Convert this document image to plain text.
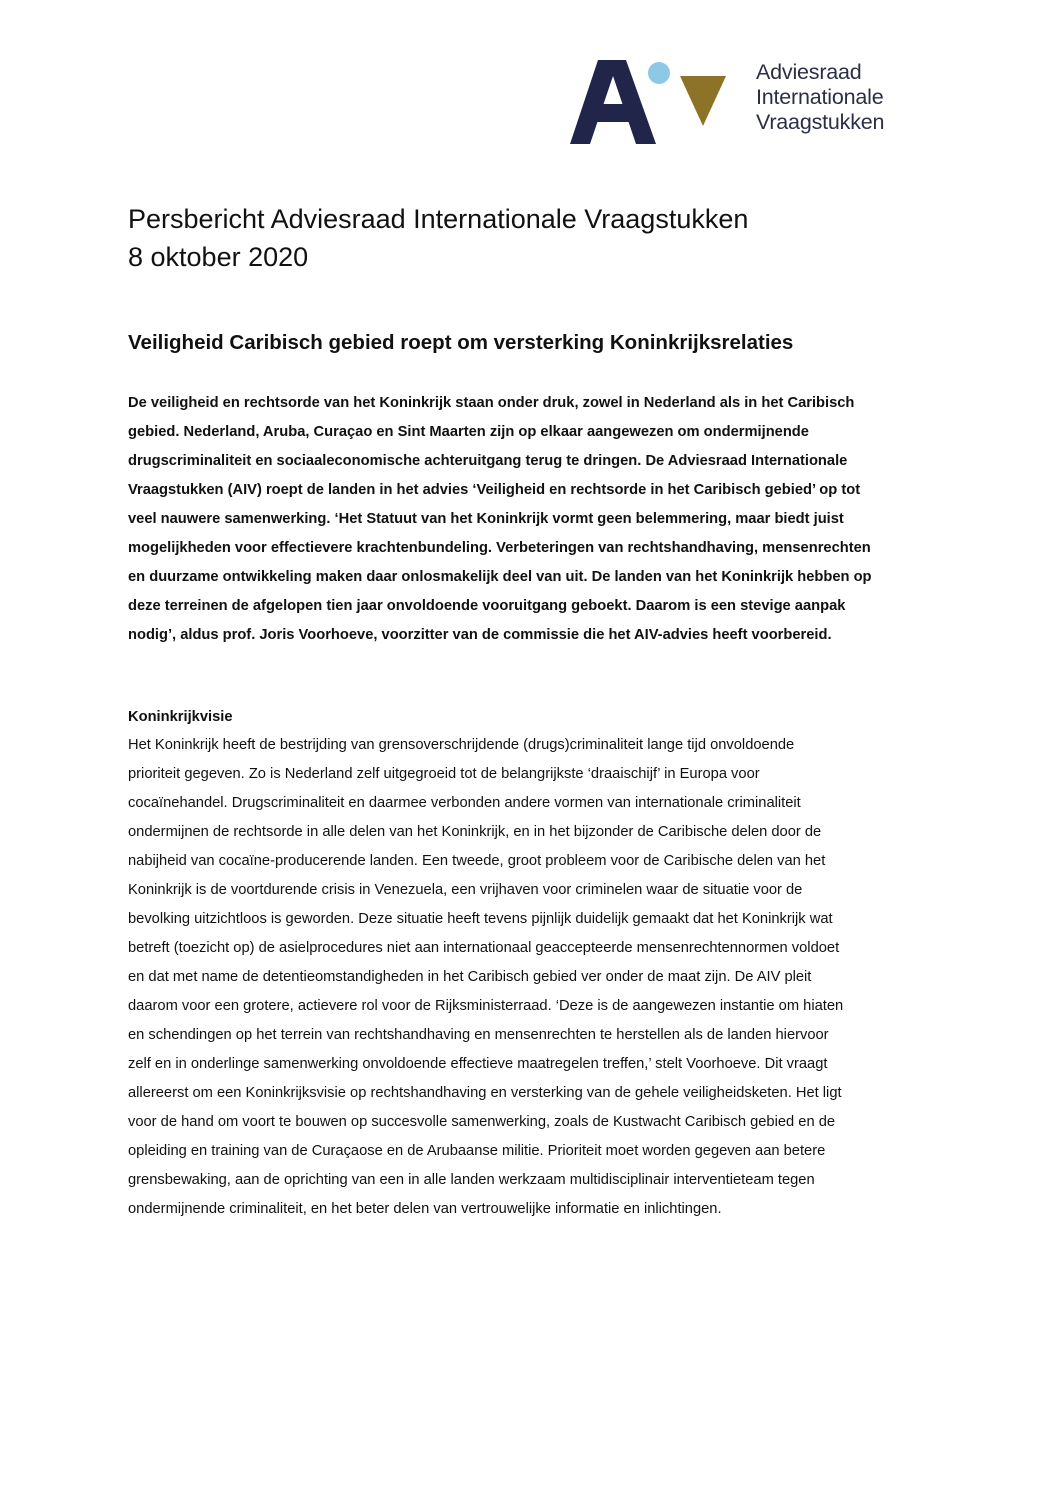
Adviesraad
Internationale
Vraagstukken
Persbericht Adviesraad Internationale Vraagstukken
8 oktober 2020
Veiligheid Caribisch gebied roept om versterking Koninkrijksrelaties
De veiligheid en rechtsorde van het Koninkrijk staan onder druk, zowel in Nederland als in het Caribisch
gebied. Nederland, Aruba, Curaçao en Sint Maarten zijn op elkaar aangewezen om ondermijnende
drugscriminaliteit en sociaaleconomische achteruitgang terug te dringen. De Adviesraad Internationale
Vraagstukken (AIV) roept de landen in het advies ‘Veiligheid en rechtsorde in het Caribisch gebied’ op tot
veel nauwere samenwerking. ‘Het Statuut van het Koninkrijk vormt geen belemmering, maar biedt juist
mogelijkheden voor effectievere krachtenbundeling. Verbeteringen van rechtshandhaving, mensenrechten
en duurzame ontwikkeling maken daar onlosmakelijk deel van uit. De landen van het Koninkrijk hebben op
deze terreinen de afgelopen tien jaar onvoldoende vooruitgang geboekt. Daarom is een stevige aanpak
nodig’, aldus prof. Joris Voorhoeve, voorzitter van de commissie die het AIV-advies heeft voorbereid.
Koninkrijkvisie
Het Koninkrijk heeft de bestrijding van grensoverschrijdende (drugs)criminaliteit lange tijd onvoldoende
prioriteit gegeven. Zo is Nederland zelf uitgegroeid tot de belangrijkste ‘draaischijf’ in Europa voor
cocaïnehandel. Drugscriminaliteit en daarmee verbonden andere vormen van internationale criminaliteit
ondermijnen de rechtsorde in alle delen van het Koninkrijk, en in het bijzonder de Caribische delen door de
nabijheid van cocaïne-producerende landen. Een tweede, groot probleem voor de Caribische delen van het
Koninkrijk is de voortdurende crisis in Venezuela, een vrijhaven voor criminelen waar de situatie voor de
bevolking uitzichtloos is geworden. Deze situatie heeft tevens pijnlijk duidelijk gemaakt dat het Koninkrijk wat
betreft (toezicht op) de asielprocedures niet aan internationaal geaccepteerde mensenrechtennormen voldoet
en dat met name de detentieomstandigheden in het Caribisch gebied ver onder de maat zijn. De AIV pleit
daarom voor een grotere, actievere rol voor de Rijksministerraad. ‘Deze is de aangewezen instantie om hiaten
en schendingen op het terrein van rechtshandhaving en mensenrechten te herstellen als de landen hiervoor
zelf en in onderlinge samenwerking onvoldoende effectieve maatregelen treffen,’ stelt Voorhoeve. Dit vraagt
allereerst om een Koninkrijksvisie op rechtshandhaving en versterking van de gehele veiligheidsketen. Het ligt
voor de hand om voort te bouwen op succesvolle samenwerking, zoals de Kustwacht Caribisch gebied en de
opleiding en training van de Curaçaose en de Arubaanse militie. Prioriteit moet worden gegeven aan betere
grensbewaking, aan de oprichting van een in alle landen werkzaam multidisciplinair interventieteam tegen
ondermijnende criminaliteit, en het beter delen van vertrouwelijke informatie en inlichtingen.
